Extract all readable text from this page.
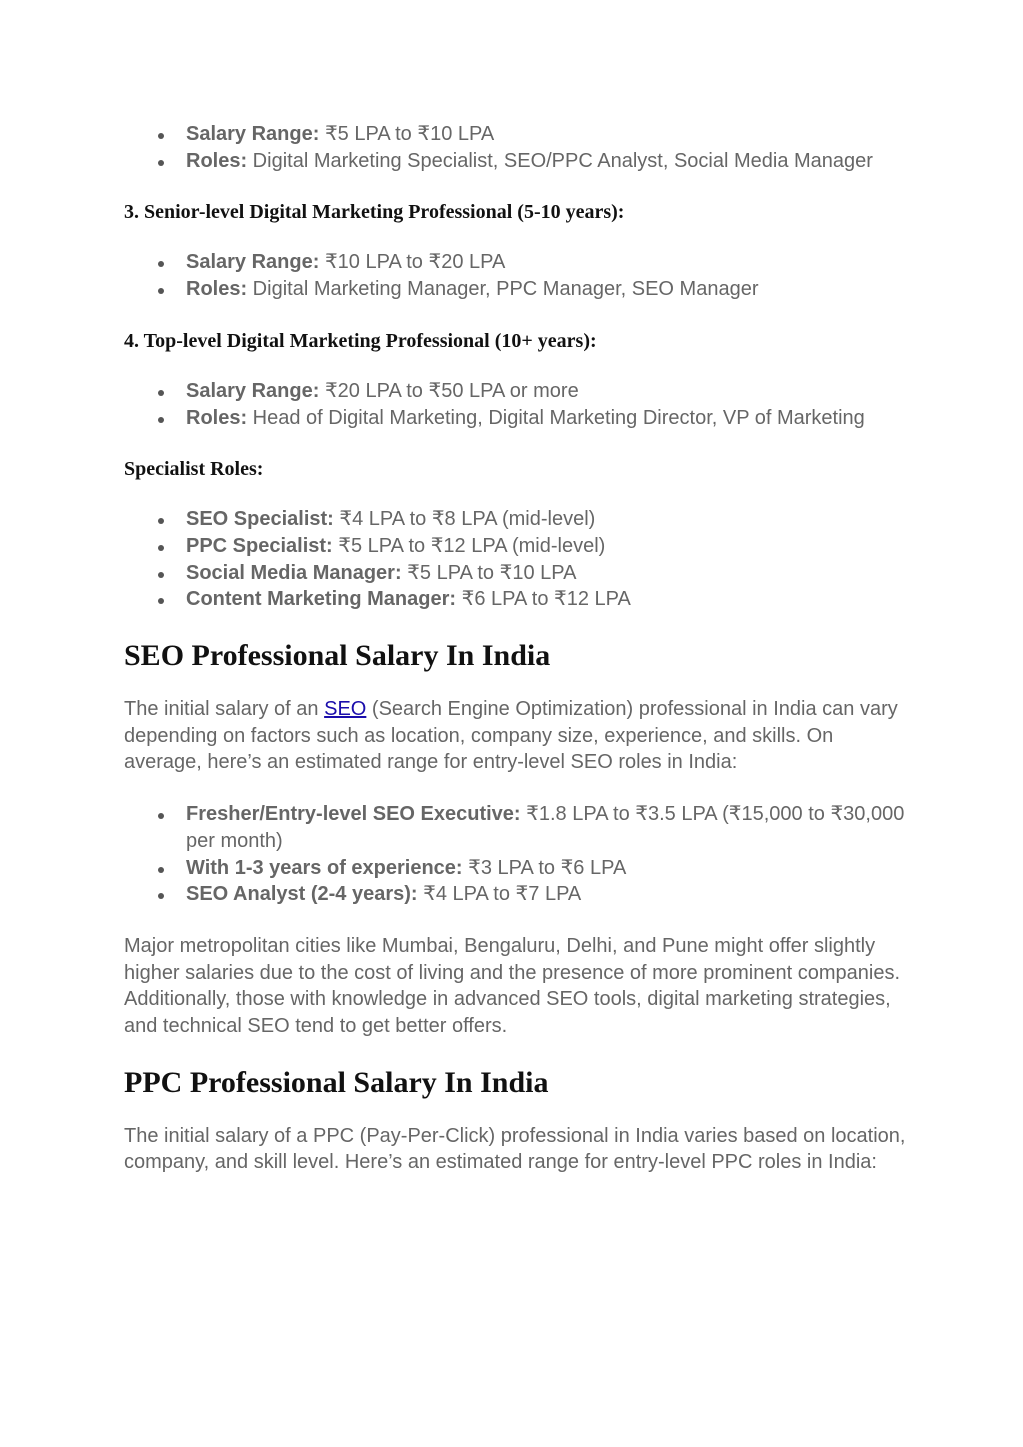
Salary Range: ₹5 LPA to ₹10 LPA
Roles: Digital Marketing Specialist, SEO/PPC Analyst, Social Media Manager
3. Senior-level Digital Marketing Professional (5-10 years):
Salary Range: ₹10 LPA to ₹20 LPA
Roles: Digital Marketing Manager, PPC Manager, SEO Manager
4. Top-level Digital Marketing Professional (10+ years):
Salary Range: ₹20 LPA to ₹50 LPA or more
Roles: Head of Digital Marketing, Digital Marketing Director, VP of Marketing
Specialist Roles:
SEO Specialist: ₹4 LPA to ₹8 LPA (mid-level)
PPC Specialist: ₹5 LPA to ₹12 LPA (mid-level)
Social Media Manager: ₹5 LPA to ₹10 LPA
Content Marketing Manager: ₹6 LPA to ₹12 LPA
SEO Professional Salary In India

The initial salary of an SEO (Search Engine Optimization) professional in India can vary depending on factors such as location, company size, experience, and skills. On average, here’s an estimated range for entry-level SEO roles in India:

Fresher/Entry-level SEO Executive: ₹1.8 LPA to ₹3.5 LPA (₹15,000 to ₹30,000 per month)
With 1-3 years of experience: ₹3 LPA to ₹6 LPA
SEO Analyst (2-4 years): ₹4 LPA to ₹7 LPA

Major metropolitan cities like Mumbai, Bengaluru, Delhi, and Pune might offer slightly higher salaries due to the cost of living and the presence of more prominent companies. Additionally, those with knowledge in advanced SEO tools, digital marketing strategies, and technical SEO tend to get better offers.

PPC Professional Salary In India

The initial salary of a PPC (Pay-Per-Click) professional in India varies based on location, company, and skill level. Here’s an estimated range for entry-level PPC roles in India:
